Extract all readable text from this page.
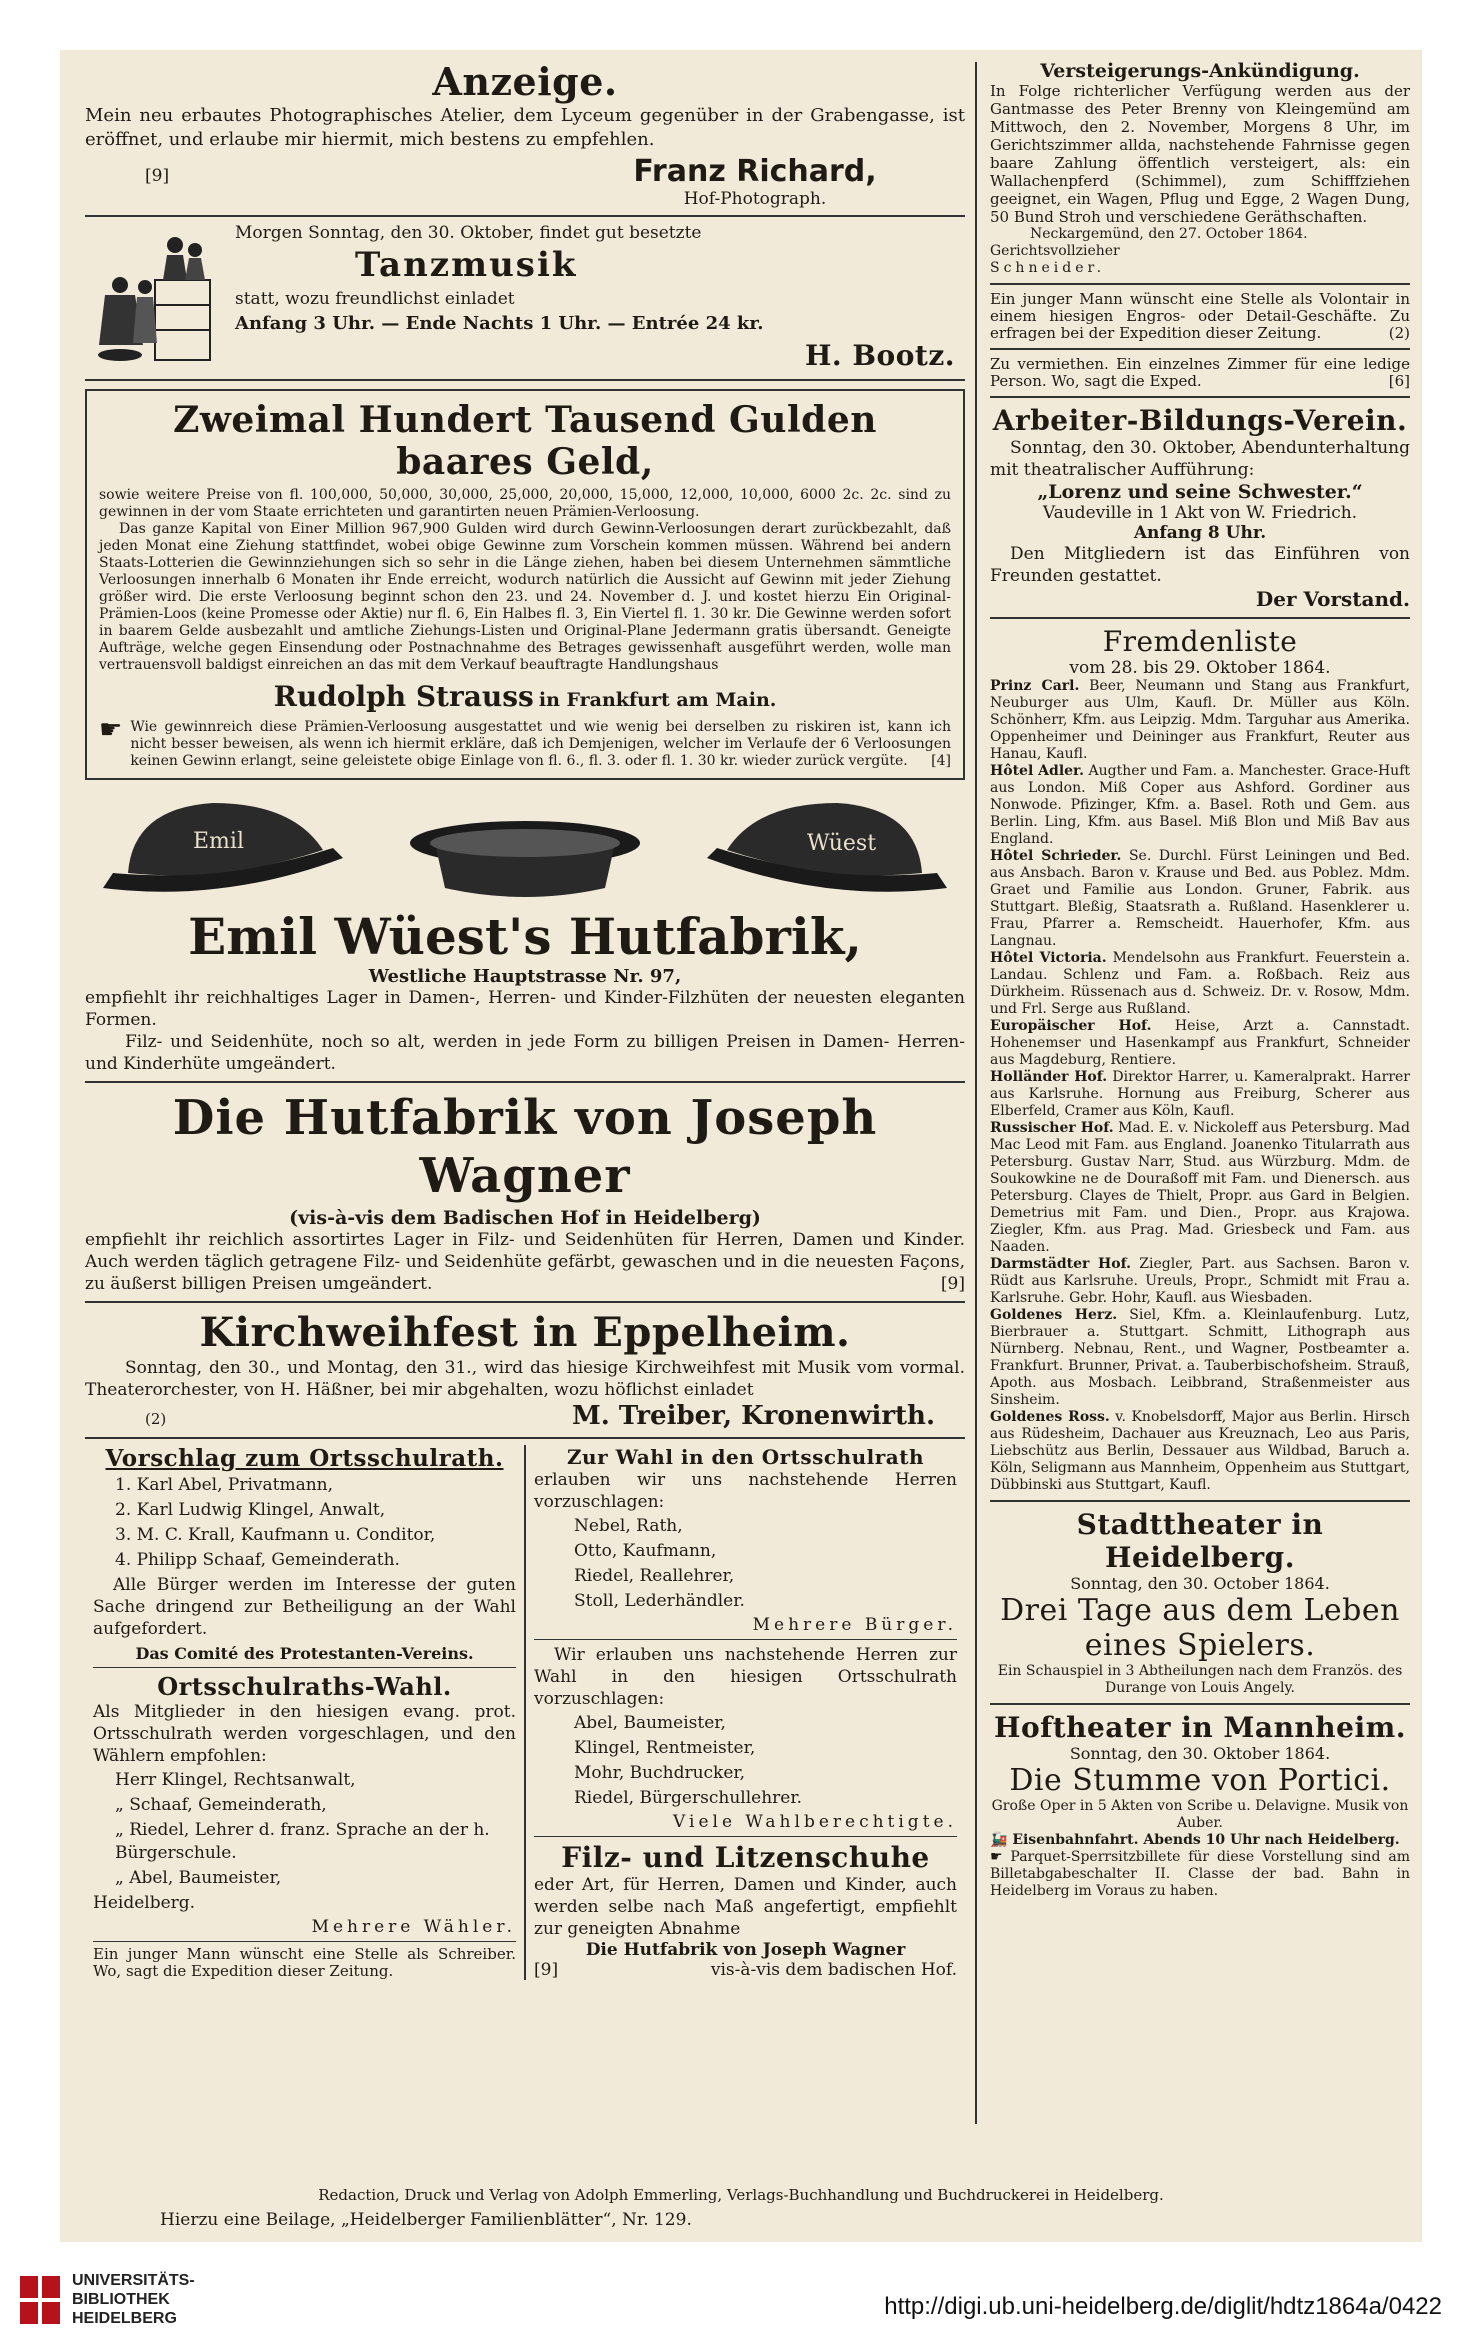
Anzeige.

Mein neu erbautes Photographisches Atelier, dem Lyceum gegenüber in der Grabengasse, ist eröffnet, und erlaube mir hiermit, mich bestens zu empfehlen.

[9]	Franz Richard,
Hof-Photograph.

Morgen Sonntag, den 30. Oktober, findet gut besetzte

Tanzmusik

statt, wozu freundlichst einladet

Anfang 3 Uhr. — Ende Nachts 1 Uhr. — Entrée 24 kr.

H. Bootz.

Zweimal Hundert Tausend Gulden
baares Geld,

sowie weitere Preise von fl. 100,000, 50,000, 30,000, 25,000, 20,000, 15,000, 12,000, 10,000, 6000 2c. 2c. sind zu gewinnen in der vom Staate errichteten und garantirten neuen Prämien-Verloosung.

Das ganze Kapital von Einer Million 967,900 Gulden wird durch Gewinn-Verloosungen derart zurückbezahlt, daß jeden Monat eine Ziehung stattfindet, wobei obige Gewinne zum Vorschein kommen müssen. Während bei andern Staats-Lotterien die Gewinnziehungen sich so sehr in die Länge ziehen, haben bei diesem Unternehmen sämmtliche Verloosungen innerhalb 6 Monaten ihr Ende erreicht, wodurch natürlich die Aussicht auf Gewinn mit jeder Ziehung größer wird. Die erste Verloosung beginnt schon den 23. und 24. November d. J. und kostet hierzu Ein Original-Prämien-Loos (keine Promesse oder Aktie) nur fl. 6, Ein Halbes fl. 3, Ein Viertel fl. 1. 30 kr. Die Gewinne werden sofort in baarem Gelde ausbezahlt und amtliche Ziehungs-Listen und Original-Plane Jedermann gratis übersandt. Geneigte Aufträge, welche gegen Einsendung oder Postnachnahme des Betrages gewissenhaft ausgeführt werden, wolle man vertrauensvoll baldigst einreichen an das mit dem Verkauf beauftragte Handlungshaus

Rudolph Strauss in Frankfurt am Main.

☛ Wie gewinnreich diese Prämien-Verloosung ausgestattet und wie wenig bei derselben zu riskiren ist, kann ich nicht besser beweisen, als wenn ich hiermit erkläre, daß ich Demjenigen, welcher im Verlaufe der 6 Verloosungen keinen Gewinn erlangt, seine geleistete obige Einlage von fl. 6., fl. 3. oder fl. 1. 30 kr. wieder zurück vergüte. [4]

Emil	Wüest
Emil Wüest's Hutfabrik,

Westliche Hauptstrasse Nr. 97,

empfiehlt ihr reichhaltiges Lager in Damen-, Herren- und Kinder-Filzhüten der neuesten eleganten Formen.

Filz- und Seidenhüte, noch so alt, werden in jede Form zu billigen Preisen in Damen- Herren- und Kinderhüte umgeändert.

Die Hutfabrik von Joseph Wagner

(vis-à-vis dem Badischen Hof in Heidelberg)

empfiehlt ihr reichlich assortirtes Lager in Filz- und Seidenhüten für Herren, Damen und Kinder. Auch werden täglich getragene Filz- und Seidenhüte gefärbt, gewaschen und in die neuesten Façons, zu äußerst billigen Preisen umgeändert.	[9]

Kirchweihfest in Eppelheim.

Sonntag, den 30., und Montag, den 31., wird das hiesige Kirchweihfest mit Musik vom vormal. Theaterorchester, von H. Häßner, bei mir abgehalten, wozu höflichst einladet

(2)	M. Treiber, Kronenwirth.
Vorschlag zum Ortsschulrath.
1. Karl Abel, Privatmann,
2. Karl Ludwig Klingel, Anwalt,
3. M. C. Krall, Kaufmann u. Conditor,
4. Philipp Schaaf, Gemeinderath.

Alle Bürger werden im Interesse der guten Sache dringend zur Betheiligung an der Wahl aufgefordert.

Das Comité des Protestanten-Vereins.

Ortsschulraths-Wahl.

Als Mitglieder in den hiesigen evang. prot. Ortsschulrath werden vorgeschlagen, und den Wählern empfohlen:

Herr Klingel, Rechtsanwalt,
„ Schaaf, Gemeinderath,
„ Riedel, Lehrer d. franz. Sprache an der h. Bürgerschule.
„ Abel, Baumeister,
Heidelberg.

Mehrere Wähler.

Ein junger Mann wünscht eine Stelle als Schreiber. Wo, sagt die Expedition dieser Zeitung.

Zur Wahl in den Ortsschulrath

erlauben wir uns nachstehende Herren vorzuschlagen:

Nebel, Rath,
Otto, Kaufmann,
Riedel, Reallehrer,
Stoll, Lederhändler.

Mehrere Bürger.

Wir erlauben uns nachstehende Herren zur Wahl in den hiesigen Ortsschulrath vorzuschlagen:

Abel, Baumeister,
Klingel, Rentmeister,
Mohr, Buchdrucker,
Riedel, Bürgerschullehrer.

Viele Wahlberechtigte.

Filz- und Litzenschuhe

eder Art, für Herren, Damen und Kinder, auch werden selbe nach Maß angefertigt, empfiehlt zur geneigten Abnahme

Die Hutfabrik von Joseph Wagner

[9]	vis-à-vis dem badischen Hof.
Versteigerungs-Ankündigung.

In Folge richterlicher Verfügung werden aus der Gantmasse des Peter Brenny von Kleingemünd am Mittwoch, den 2. November, Morgens 8 Uhr, im Gerichtszimmer allda, nachstehende Fahrnisse gegen baare Zahlung öffentlich versteigert, als: ein Wallachenpferd (Schimmel), zum Schifffziehen geeignet, ein Wagen, Pflug und Egge, 2 Wagen Dung, 50 Bund Stroh und verschiedene Geräthschaften.

Neckargemünd, den 27. October 1864.

Gerichtsvollzieher

Schneider.

Ein junger Mann wünscht eine Stelle als Volontair in einem hiesigen Engros- oder Detail-Geschäfte. Zu erfragen bei der Expedition dieser Zeitung.	(2)

Zu vermiethen. Ein einzelnes Zimmer für eine ledige Person. Wo, sagt die Exped.	[6]

Arbeiter-Bildungs-Verein.

Sonntag, den 30. Oktober, Abendunterhaltung mit theatralischer Aufführung:

„Lorenz und seine Schwester.“

Vaudeville in 1 Akt von W. Friedrich.

Anfang 8 Uhr.

Den Mitgliedern ist das Einführen von Freunden gestattet.

Der Vorstand.

Fremdenliste

vom 28. bis 29. Oktober 1864.

Prinz Carl. Beer, Neumann und Stang aus Frankfurt, Neuburger aus Ulm, Kaufl. Dr. Müller aus Köln. Schönherr, Kfm. aus Leipzig. Mdm. Targuhar aus Amerika. Oppenheimer und Deininger aus Frankfurt, Reuter aus Hanau, Kaufl.

Hôtel Adler. Augther und Fam. a. Manchester. Grace-Huft aus London. Miß Coper aus Ashford. Gordiner aus Nonwode. Pfizinger, Kfm. a. Basel. Roth und Gem. aus Berlin. Ling, Kfm. aus Basel. Miß Blon und Miß Bav aus England.

Hôtel Schrieder. Se. Durchl. Fürst Leiningen und Bed. aus Ansbach. Baron v. Krause und Bed. aus Poblez. Mdm. Graet und Familie aus London. Gruner, Fabrik. aus Stuttgart. Bleßig, Staatsrath a. Rußland. Hasenklerer u. Frau, Pfarrer a. Remscheidt. Hauerhofer, Kfm. aus Langnau.

Hôtel Victoria. Mendelsohn aus Frankfurt. Feuerstein a. Landau. Schlenz und Fam. a. Roßbach. Reiz aus Dürkheim. Rüssenach aus d. Schweiz. Dr. v. Rosow, Mdm. und Frl. Serge aus Rußland.

Europäischer Hof. Heise, Arzt a. Cannstadt. Hohenemser und Hasenkampf aus Frankfurt, Schneider aus Magdeburg, Rentiere.

Holländer Hof. Direktor Harrer, u. Kameralprakt. Harrer aus Karlsruhe. Hornung aus Freiburg, Scherer aus Elberfeld, Cramer aus Köln, Kaufl.

Russischer Hof. Mad. E. v. Nickoleff aus Petersburg. Mad Mac Leod mit Fam. aus England. Joanenko Titularrath aus Petersburg. Gustav Narr, Stud. aus Würzburg. Mdm. de Soukowkine ne de Douraßoff mit Fam. und Dienersch. aus Petersburg. Clayes de Thielt, Propr. aus Gard in Belgien. Demetrius mit Fam. und Dien., Propr. aus Krajowa. Ziegler, Kfm. aus Prag. Mad. Griesbeck und Fam. aus Naaden.

Darmstädter Hof. Ziegler, Part. aus Sachsen. Baron v. Rüdt aus Karlsruhe. Ureuls, Propr., Schmidt mit Frau a. Karlsruhe. Gebr. Hohr, Kaufl. aus Wiesbaden.

Goldenes Herz. Siel, Kfm. a. Kleinlaufenburg. Lutz, Bierbrauer a. Stuttgart. Schmitt, Lithograph aus Nürnberg. Nebnau, Rent., und Wagner, Postbeamter a. Frankfurt. Brunner, Privat. a. Tauberbischofsheim. Strauß, Apoth. aus Mosbach. Leibbrand, Straßenmeister aus Sinsheim.

Goldenes Ross. v. Knobelsdorff, Major aus Berlin. Hirsch aus Rüdesheim, Dachauer aus Kreuznach, Leo aus Paris, Liebschütz aus Berlin, Dessauer aus Wildbad, Baruch a. Köln, Seligmann aus Mannheim, Oppenheim aus Stuttgart, Dübbinski aus Stuttgart, Kaufl.

Stadttheater in Heidelberg.

Sonntag, den 30. October 1864.

Drei Tage aus dem Leben
eines Spielers.

Ein Schauspiel in 3 Abtheilungen nach dem Französ. des Durange von Louis Angely.

Hoftheater in Mannheim.

Sonntag, den 30. Oktober 1864.

Die Stumme von Portici.

Große Oper in 5 Akten von Scribe u. Delavigne. Musik von Auber.

🚂 Eisenbahnfahrt. Abends 10 Uhr nach Heidelberg.

☛ Parquet-Sperrsitzbillete für diese Vorstellung sind am Billetabgabeschalter II. Classe der bad. Bahn in Heidelberg im Voraus zu haben.

Redaction, Druck und Verlag von Adolph Emmerling, Verlags-Buchhandlung und Buchdruckerei in Heidelberg.
Hierzu eine Beilage, „Heidelberger Familienblätter“, Nr. 129.
UNIVERSITÄTS-
BIBLIOTHEK
HEIDELBERG	http://digi.ub.uni-heidelberg.de/diglit/hdtz1864a/0422
